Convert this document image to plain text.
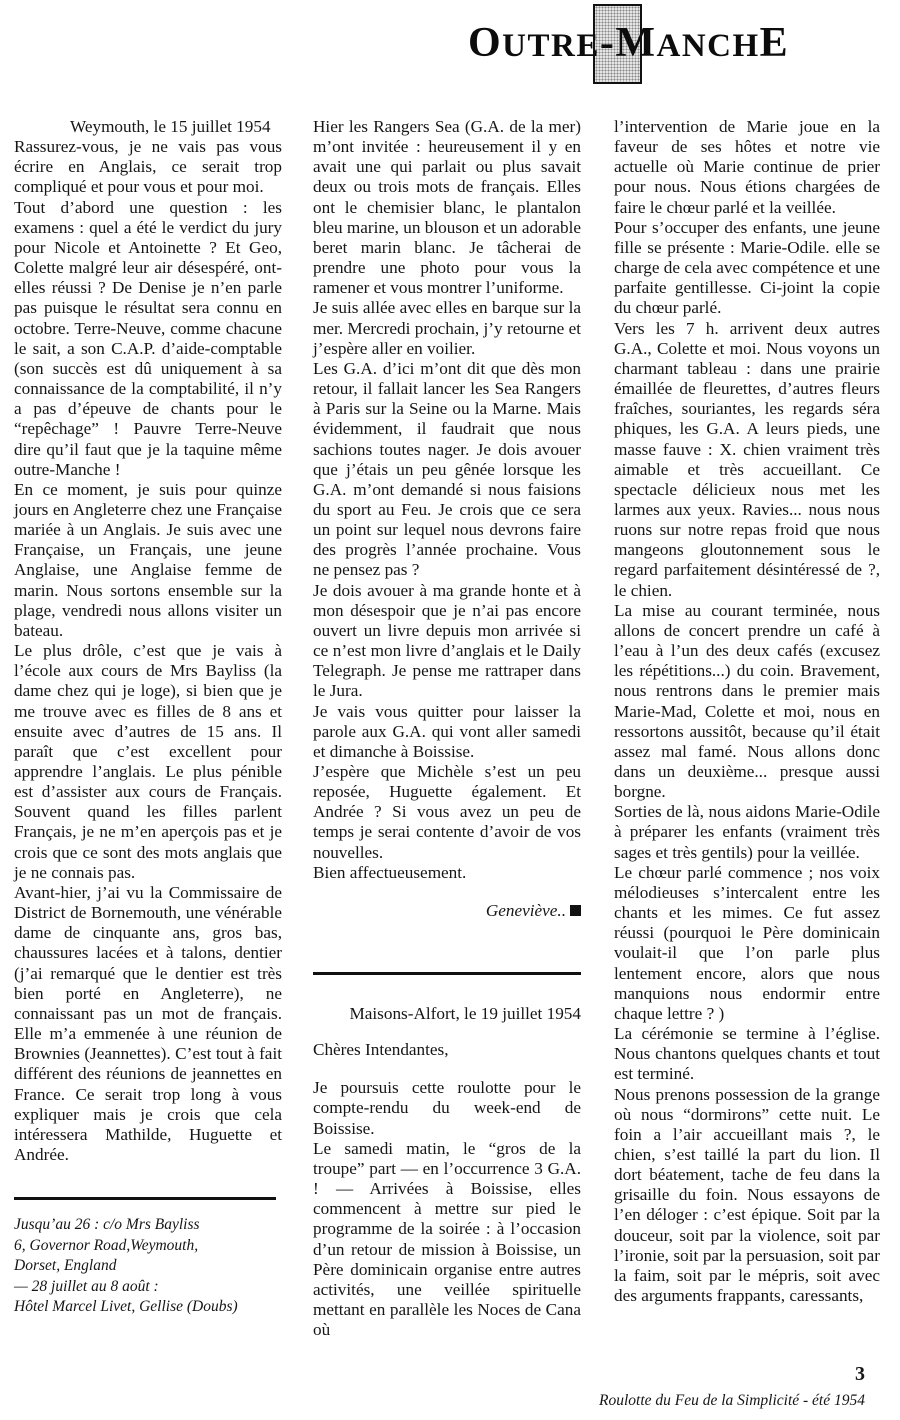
OUTRE-MANCHE

Weymouth, le 15 juillet 1954

Rassurez-vous, je ne vais pas vous écrire en Anglais, ce serait trop compliqué et pour vous et pour moi.

Tout d’abord une question : les examens : quel a été le verdict du jury pour Nicole et Antoinette ? Et Geo, Colette malgré leur air désespéré, ont-elles réussi ? De Denise je n’en parle pas puisque le résultat sera connu en octobre. Terre-Neuve, comme chacune le sait, a son C.A.P. d’aide-comptable (son succès est dû uniquement à sa connaissance de la comptabilité, il n’y a pas d’épeuve de chants pour le “repêchage” ! Pauvre Terre-Neuve dire qu’il faut que je la taquine même outre-Manche !

En ce moment, je suis pour quinze jours en Angleterre chez une Française mariée à un Anglais. Je suis avec une Française, un Français, une jeune Anglaise, une Anglaise femme de marin. Nous sortons ensemble sur la plage, vendredi nous allons visiter un bateau.

Le plus drôle, c’est que je vais à l’école aux cours de Mrs Bayliss (la dame chez qui je loge), si bien que je me trouve avec es filles de 8 ans et ensuite avec d’autres de 15 ans. Il paraît que c’est excellent pour apprendre l’anglais. Le plus pénible est d’assister aux cours de Français. Souvent quand les filles parlent Français, je ne m’en aperçois pas et je crois que ce sont des mots anglais que je ne connais pas.

Avant-hier, j’ai vu la Commissaire de District de Bornemouth, une vénérable dame de cinquante ans, gros bas, chaussures lacées et à talons, dentier (j’ai remarqué que le dentier est très bien porté en Angleterre), ne connaissant pas un mot de français. Elle m’a emmenée à une réunion de Brownies (Jeannettes). C’est tout à fait différent des réunions de jeannettes en France. Ce serait trop long à vous expliquer mais je crois que cela intéressera Mathilde, Huguette et Andrée.

Jusqu’au 26 : c/o Mrs Bayliss

6, Governor Road,Weymouth,

Dorset, England

— 28 juillet au 8 août :

Hôtel Marcel Livet, Gellise (Doubs)

Hier les Rangers Sea (G.A. de la mer) m’ont invitée : heureusement il y en avait une qui parlait ou plus savait deux ou trois mots de français. Elles ont le chemisier blanc, le plantalon bleu marine, un blouson et un adorable beret marin blanc. Je tâcherai de prendre une photo pour vous la ramener et vous montrer l’uniforme.

Je suis allée avec elles en barque sur la mer. Mercredi prochain, j’y retourne et j’espère aller en voilier.

Les G.A. d’ici m’ont dit que dès mon retour, il fallait lancer les Sea Rangers à Paris sur la Seine ou la Marne. Mais évidemment, il faudrait que nous sachions toutes nager. Je dois avouer que j’étais un peu gênée lorsque les G.A. m’ont demandé si nous faisions du sport au Feu. Je crois que ce sera un point sur lequel nous devrons faire des progrès l’année prochaine. Vous ne pensez pas ?

Je dois avouer à ma grande honte et à mon désespoir que je n’ai pas encore ouvert un livre depuis mon arrivée si ce n’est mon livre d’anglais et le Daily Telegraph. Je pense me rattraper dans le Jura.

Je vais vous quitter pour laisser la parole aux G.A. qui vont aller samedi et dimanche à Boissise.

J’espère que Michèle s’est un peu reposée, Huguette également. Et Andrée ? Si vous avez un peu de temps je serai contente d’avoir de vos nouvelles.

Bien affectueusement.

Geneviève..

Maisons-Alfort, le 19 juillet 1954

Chères Intendantes,

Je poursuis cette roulotte pour le compte-rendu du week-end de Boissise.

Le samedi matin, le “gros de la troupe” part — en l’occurrence 3 G.A. ! — Arrivées à Boissise, elles commencent à mettre sur pied le programme de la soirée : à l’occasion d’un retour de mission à Boissise, un Père dominicain organise entre autres activités, une veillée spirituelle mettant en parallèle les Noces de Cana où

l’intervention de Marie joue en la faveur de ses hôtes et notre vie actuelle où Marie continue de prier pour nous. Nous étions chargées de faire le chœur parlé et la veillée.

Pour s’occuper des enfants, une jeune fille se présente : Marie-Odile. elle se charge de cela avec compétence et une parfaite gentillesse. Ci-joint la copie du chœur parlé.

Vers les 7 h. arrivent deux autres G.A., Colette et moi. Nous voyons un charmant tableau : dans une prairie émaillée de fleurettes, d’autres fleurs fraîches, souriantes, les regards séra phiques, les G.A. A leurs pieds, une masse fauve : X. chien vraiment très aimable et très accueillant. Ce spectacle délicieux nous met les larmes aux yeux. Ravies... nous nous ruons sur notre repas froid que nous mangeons gloutonnement sous le regard parfaitement désintéressé de ?, le chien.

La mise au courant terminée, nous allons de concert prendre un café à l’eau à l’un des deux cafés (excusez les répétitions...) du coin. Bravement, nous rentrons dans le premier mais Marie-Mad, Colette et moi, nous en ressortons aussitôt, because qu’il était assez mal famé. Nous allons donc dans un deuxième... presque aussi borgne.

Sorties de là, nous aidons Marie-Odile à préparer les enfants (vraiment très sages et très gentils) pour la veillée.

Le chœur parlé commence ; nos voix mélodieuses s’intercalent entre les chants et les mimes. Ce fut assez réussi (pourquoi le Père dominicain voulait-il que l’on parle plus lentement encore, alors que nous manquions nous endormir entre chaque lettre ? )

La cérémonie se termine à l’église. Nous chantons quelques chants et tout est terminé.

Nous prenons possession de la grange où nous “dormirons” cette nuit. Le foin a l’air accueillant mais ?, le chien, s’est taillé la part du lion. Il dort béatement, tache de feu dans la grisaille du foin. Nous essayons de l’en déloger : c’est épique. Soit par la douceur, soit par la violence, soit par l’ironie, soit par la persuasion, soit par la faim, soit par le mépris, soit avec des arguments frappants, caressants,

3
Roulotte du Feu de la Simplicité - été 1954
